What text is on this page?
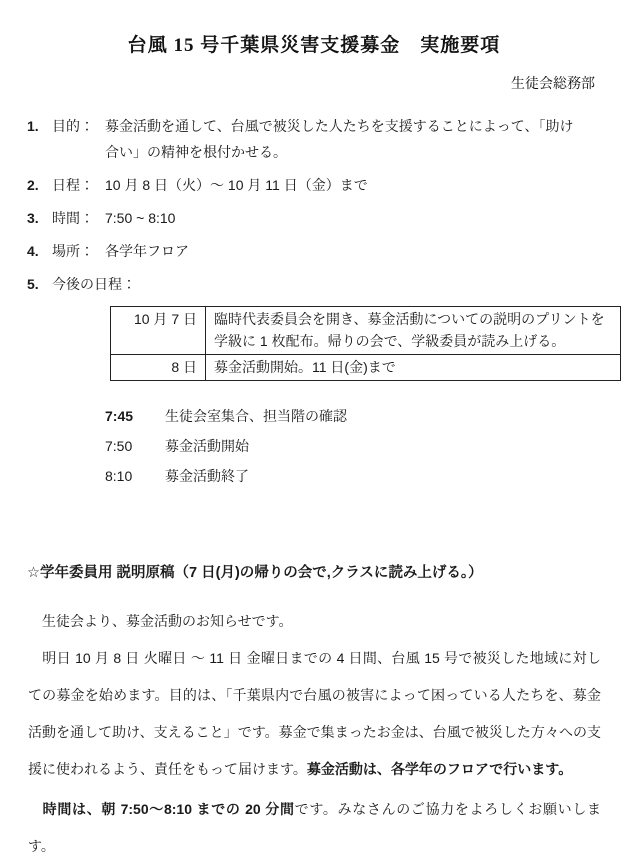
台風 15 号千葉県災害支援募金　実施要項
生徒会総務部
1. 目的： 募金活動を通して、台風で被災した人たちを支援することによって、「助け合い」の精神を根付かせる。
2. 日程： 10 月 8 日（火）～ 10 月 11 日（金）まで
3. 時間： 7:50 ~ 8:10
4. 場所： 各学年フロア
5. 今後の日程：
10 月 7 日	臨時代表委員会を開き、募金活動についての説明のプリントを学級に 1 枚配布。帰りの会で、学級委員が読み上げる。
8 日	募金活動開始。11 日(金)まで
7:45	生徒会室集合、担当階の確認
7:50	募金活動開始
8:10	募金活動終了
☆学年委員用 説明原稿（7 日(月)の帰りの会で,クラスに読み上げる。）

　生徒会より、募金活動のお知らせです。

　明日 10 月 8 日 火曜日 ～ 11 日 金曜日までの 4 日間、台風 15 号で被災した地域に対しての募金を始めます。目的は、「千葉県内で台風の被害によって困っている人たちを、募金活動を通して助け、支えること」です。募金で集まったお金は、台風で被災した方々への支援に使われるよう、責任をもって届けます。募金活動は、各学年のフロアで行います。

　時間は、朝 7:50～8:10 までの 20 分間です。みなさんのご協力をよろしくお願いします。
